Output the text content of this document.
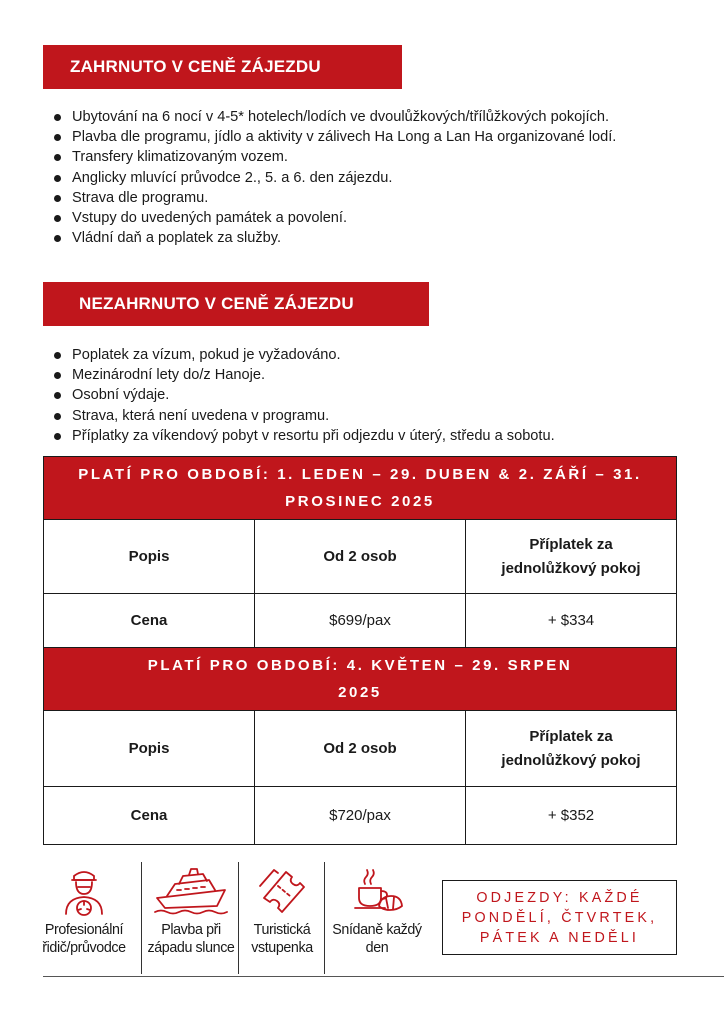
ZAHRNUTO V CENĚ ZÁJEZDU
Ubytování na 6 nocí v 4-5* hotelech/lodích ve dvoulůžkových/třílůžkových pokojích.
Plavba dle programu, jídlo a aktivity v zálivech Ha Long a Lan Ha organizované lodí.
Transfery klimatizovaným vozem.
Anglicky mluvící průvodce 2., 5. a 6. den zájezdu.
Strava dle programu.
Vstupy do uvedených památek a povolení.
Vládní daň a poplatek za služby.
NEZAHRNUTO V CENĚ ZÁJEZDU
Poplatek za vízum, pokud je vyžadováno.
Mezinárodní lety do/z Hanoje.
Osobní výdaje.
Strava, která není uvedena v programu.
Příplatky za víkendový pobyt v resortu při odjezdu v úterý, středu a sobotu.
PLATÍ PRO OBDOBÍ: 1. LEDEN – 29. DUBEN & 2. ZÁŘÍ – 31. PROSINEC 2025		
Popis	Od 2 osob	Příplatek za jednolůžkový pokoj
Cena	$699/pax	+ $334
PLATÍ PRO OBDOBÍ: 4. KVĚTEN – 29. SRPEN 2025		
Popis	Od 2 osob	Příplatek za jednolůžkový pokoj
Cena	$720/pax	+ $352
Profesionální řidič/průvodce
Plavba při západu slunce
Turistická vstupenka
Snídaně každý den
ODJEZDY: KAŽDÉ PONDĚLÍ, ČTVRTEK, PÁTEK A NEDĚLI
